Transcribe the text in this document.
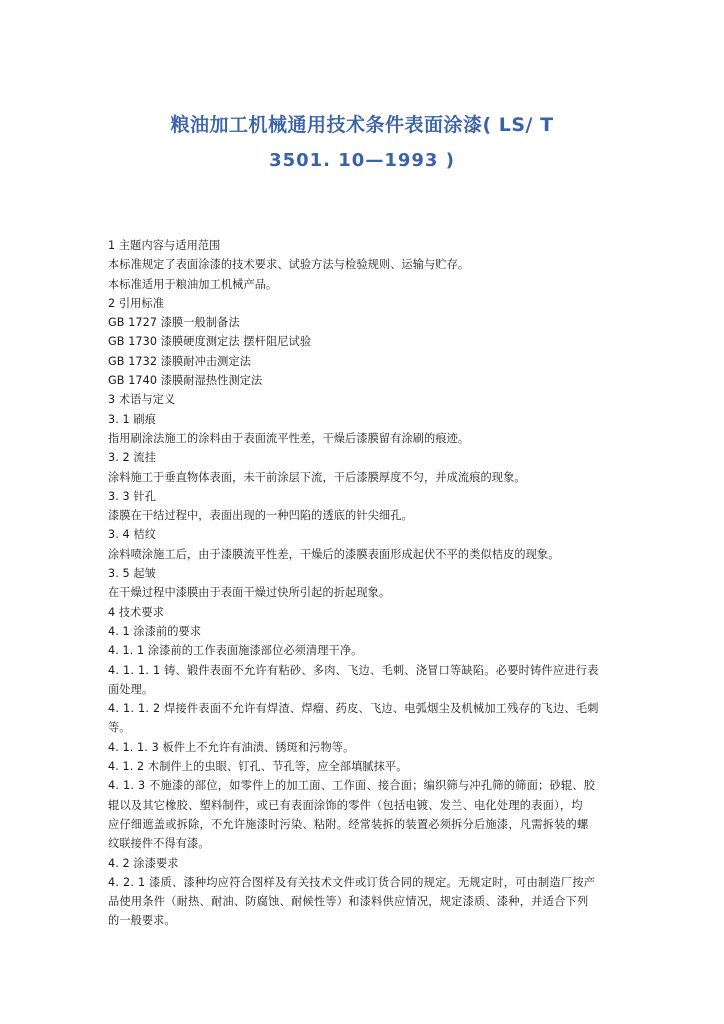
粮油加工机械通用技术条件表面涂漆( LS/ T
3501. 10—1993 )
1 主题内容与适用范围
本标准规定了表面涂漆的技术要求、试验方法与检验规则、运输与贮存。
本标准适用于粮油加工机械产品。
2 引用标准
GB 1727 漆膜一般制备法
GB 1730 漆膜硬度测定法 摆杆阻尼试验
GB 1732 漆膜耐冲击测定法
GB 1740 漆膜耐湿热性测定法
3 术语与定义
3. 1 刷痕
指用刷涂法施工的涂料由于表面流平性差，干燥后漆膜留有涂刷的痕迹。
3. 2 流挂
涂料施工于垂直物体表面，未干前涂层下流，干后漆膜厚度不匀，并成流痕的现象。
3. 3 针孔
漆膜在干结过程中，表面出现的一种凹陷的透底的针尖细孔。
3. 4 桔纹
涂料喷涂施工后，由于漆膜流平性差，干燥后的漆膜表面形成起伏不平的类似桔皮的现象。
3. 5 起皱
在干燥过程中漆膜由于表面干燥过快所引起的折起现象。
4 技术要求
4. 1 涂漆前的要求
4. 1. 1 涂漆前的工作表面施漆部位必须清理干净。
4. 1. 1. 1 铸、锻件表面不允许有粘砂、多肉、飞边、毛刺、浇冒口等缺陷。必要时铸件应进行表
面处理。
4. 1. 1. 2 焊接件表面不允许有焊渣、焊瘤、药皮、飞边、电弧烟尘及机械加工残存的飞边、毛刺
等。
4. 1. 1. 3 板件上不允许有油渍、锈斑和污物等。
4. 1. 2 木制件上的虫眼、钉孔、节孔等，应全部填腻抹平。
4. 1. 3 不施漆的部位，如零件上的加工面、工作面、接合面；编织筛与冲孔筛的筛面；砂辊、胶
辊以及其它橡胶、塑料制件，或已有表面涂饰的零件（包括电镀、发兰、电化处理的表面），均
应仔细遮盖或拆除，不允许施漆时污染、粘附。经常装拆的装置必须拆分后施漆，凡需拆装的螺
纹联接件不得有漆。
4. 2 涂漆要求
4. 2. 1 漆质、漆种均应符合图样及有关技术文件或订货合同的规定。无规定时，可由制造厂按产
品使用条件（耐热、耐油、防腐蚀、耐候性等）和漆料供应情况，规定漆质、漆种，并适合下列
的一般要求。
